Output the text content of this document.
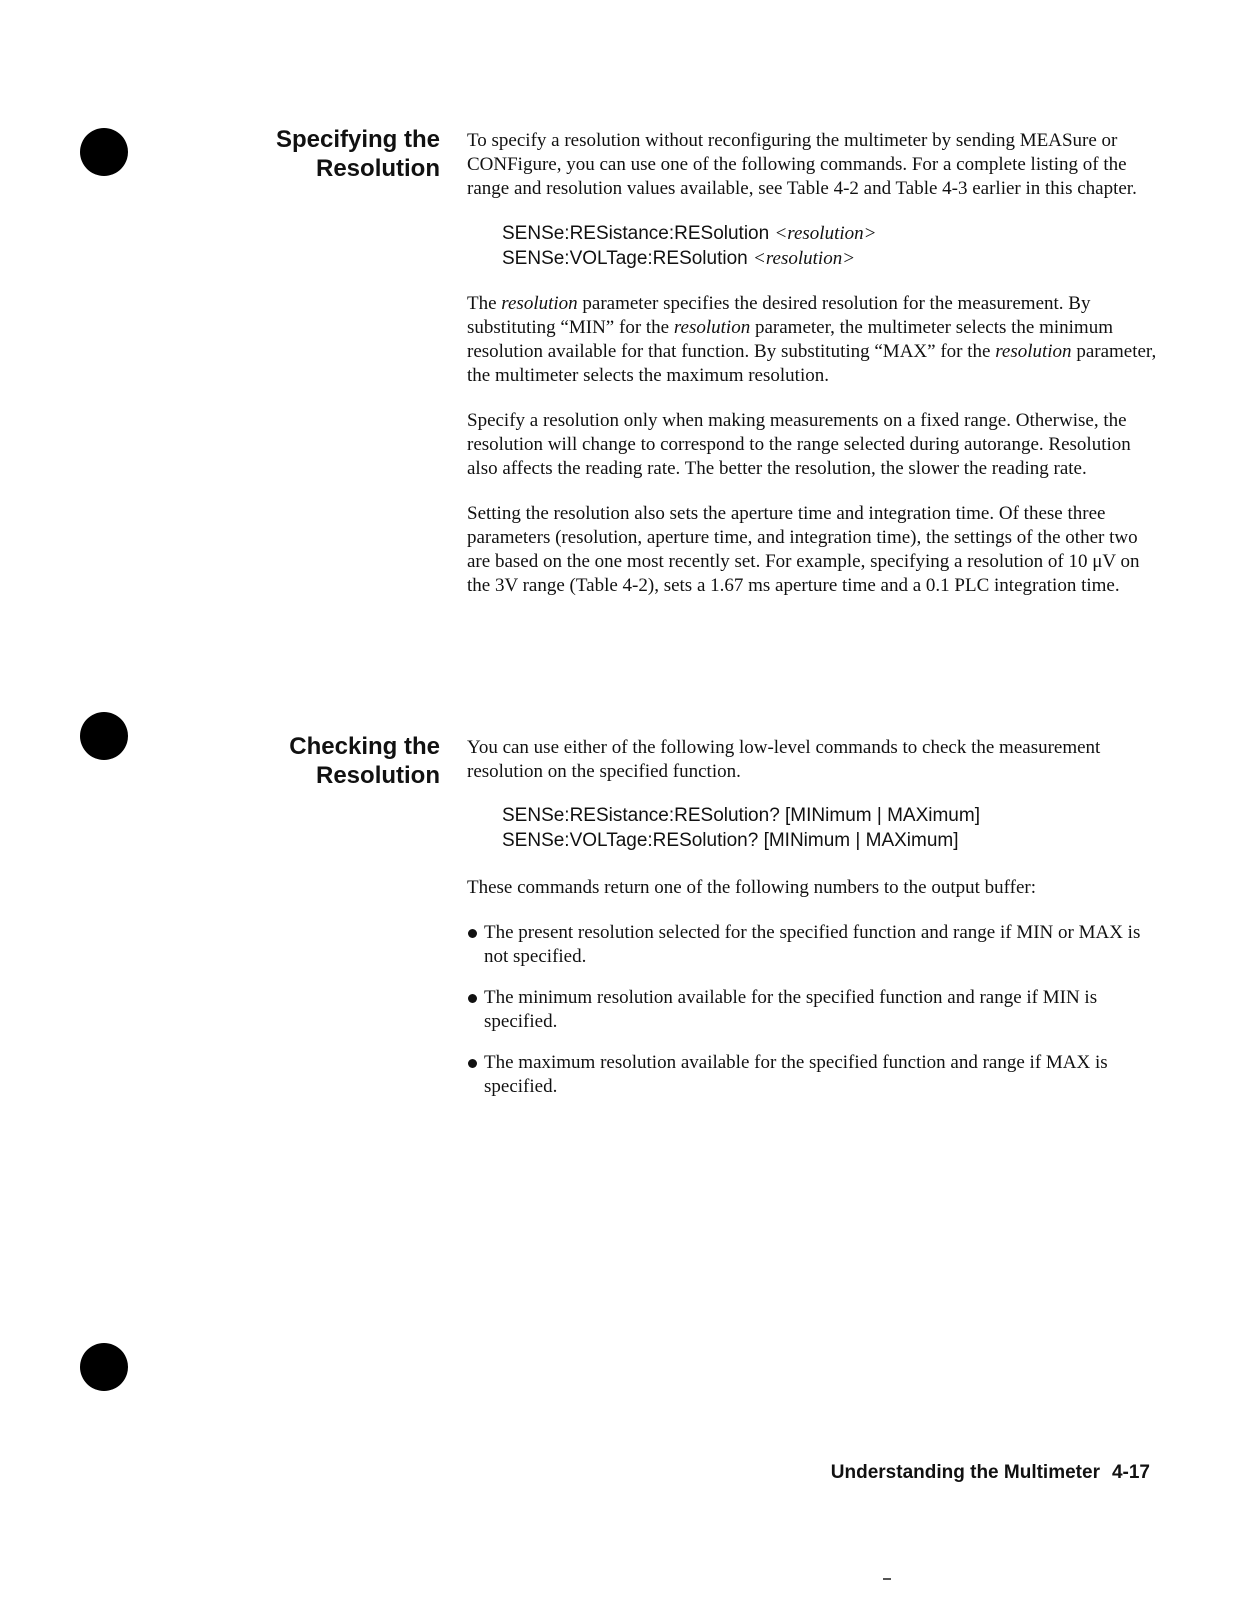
Specifying the
Resolution

To specify a resolution without reconfiguring the multimeter by sending MEASure or CONFigure, you can use one of the following commands. For a complete listing of the range and resolution values available, see Table 4-2 and Table 4-3 earlier in this chapter.

SENSe:RESistance:RESolution <resolution>
SENSe:VOLTage:RESolution <resolution>

The resolution parameter specifies the desired resolution for the measurement. By substituting “MIN” for the resolution parameter, the multimeter selects the minimum resolution available for that function. By substituting “MAX” for the resolution parameter, the multimeter selects the maximum resolution.

Specify a resolution only when making measurements on a fixed range. Otherwise, the resolution will change to correspond to the range selected during autorange. Resolution also affects the reading rate. The better the resolution, the slower the reading rate.

Setting the resolution also sets the aperture time and integration time. Of these three parameters (resolution, aperture time, and integration time), the settings of the other two are based on the one most recently set. For example, specifying a resolution of 10 μV on the 3V range (Table 4-2), sets a 1.67 ms aperture time and a 0.1 PLC integration time.

Checking the
Resolution

You can use either of the following low-level commands to check the measurement resolution on the specified function.

SENSe:RESistance:RESolution? [MINimum | MAXimum]
SENSe:VOLTage:RESolution? [MINimum | MAXimum]

These commands return one of the following numbers to the output buffer:

The present resolution selected for the specified function and range if MIN or MAX is not specified.
The minimum resolution available for the specified function and range if MIN is specified.
The maximum resolution available for the specified function and range if MAX is specified.
Understanding the Multimeter 4-17
